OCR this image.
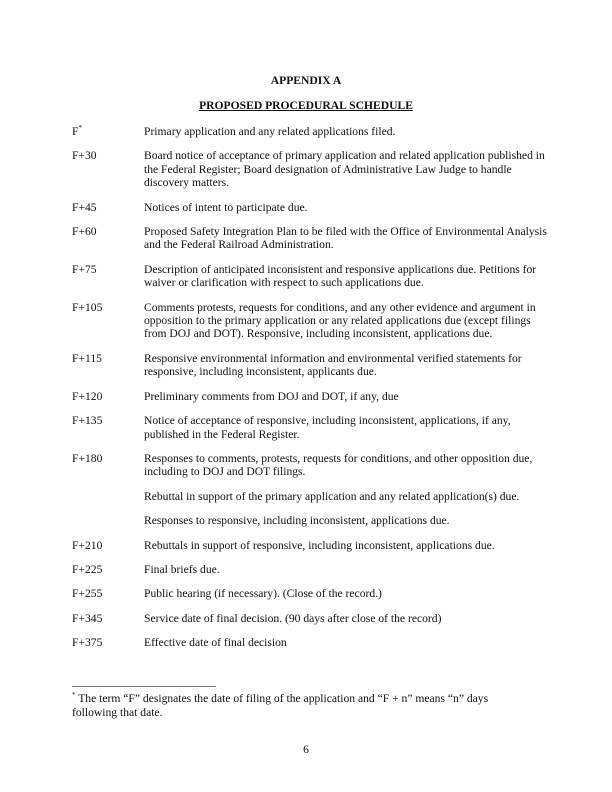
APPENDIX A
PROPOSED PROCEDURAL SCHEDULE
F*	Primary application and any related applications filed.
F+30	Board notice of acceptance of primary application and related application published in the Federal Register; Board designation of Administrative Law Judge to handle discovery matters.
F+45	Notices of intent to participate due.
F+60	Proposed Safety Integration Plan to be filed with the Office of Environmental Analysis and the Federal Railroad Administration.
F+75	Description of anticipated inconsistent and responsive applications due. Petitions for waiver or clarification with respect to such applications due.
F+105	Comments protests, requests for conditions, and any other evidence and argument in opposition to the primary application or any related applications due (except filings from DOJ and DOT). Responsive, including inconsistent, applications due.
F+115	Responsive environmental information and environmental verified statements for responsive, including inconsistent, applicants due.
F+120	Preliminary comments from DOJ and DOT, if any, due
F+135	Notice of acceptance of responsive, including inconsistent, applications, if any, published in the Federal Register.
F+180	Responses to comments, protests, requests for conditions, and other opposition due, including to DOJ and DOT filings.
Rebuttal in support of the primary application and any related application(s) due.
Responses to responsive, including inconsistent, applications due.
F+210	Rebuttals in support of responsive, including inconsistent, applications due.
F+225	Final briefs due.
F+255	Public hearing (if necessary). (Close of the record.)
F+345	Service date of final decision. (90 days after close of the record)
F+375	Effective date of final decision
* The term “F” designates the date of filing of the application and “F + n” means “n” days following that date.
6
